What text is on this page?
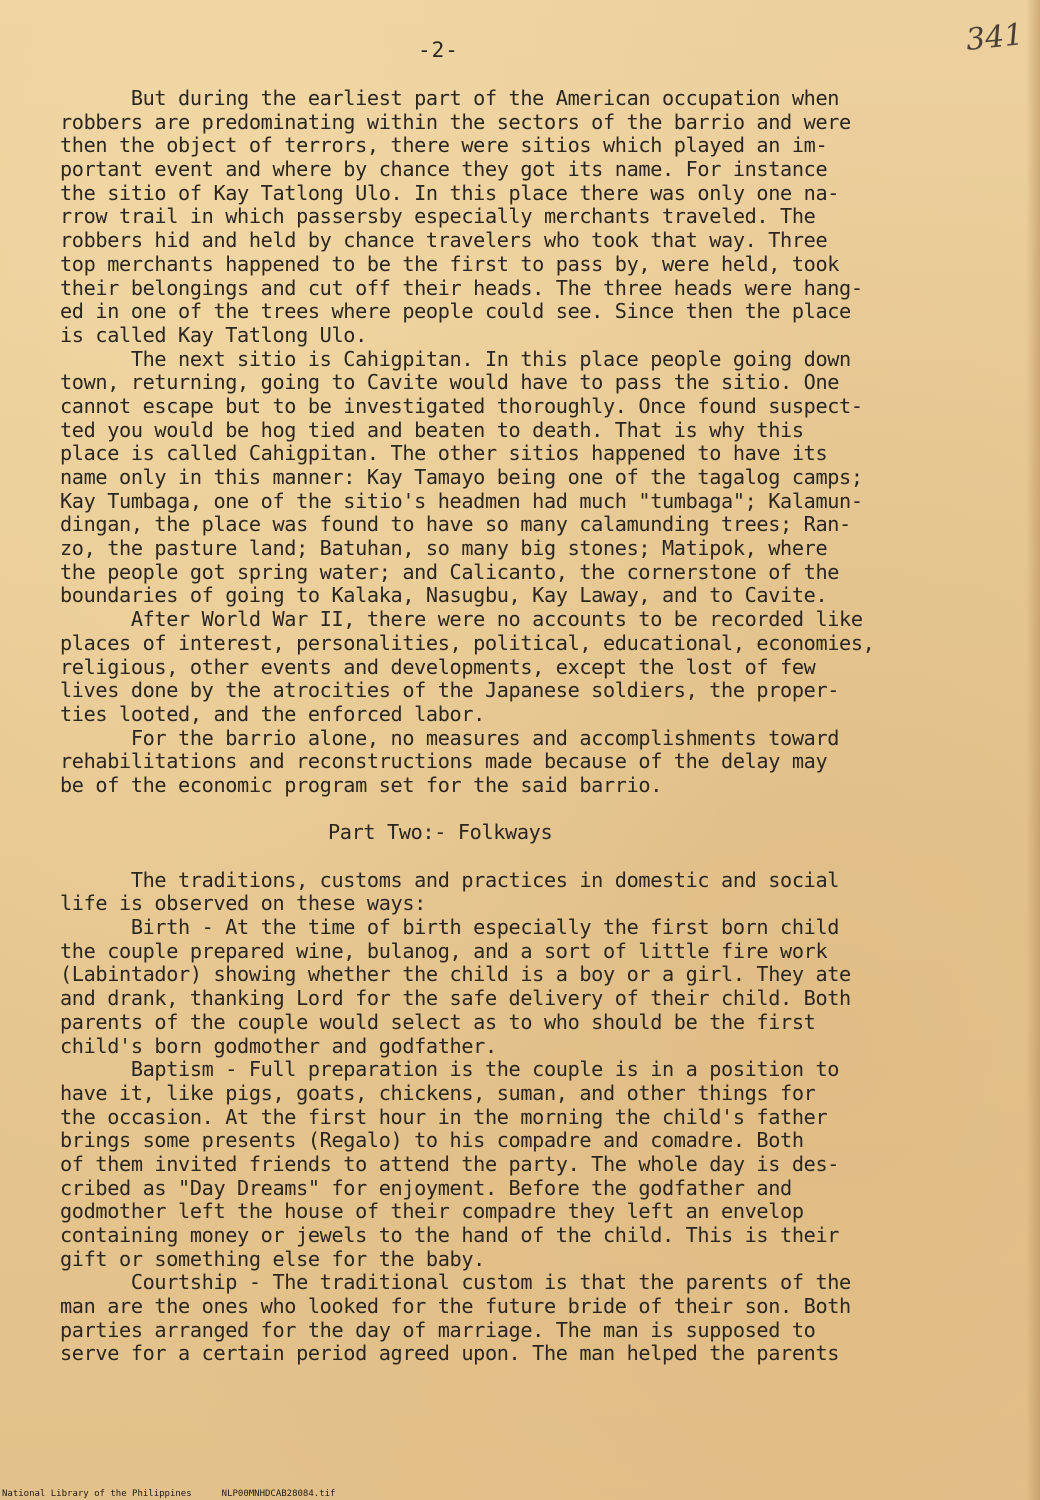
-2-	341
But during the earliest part of the American occupation when
robbers are predominating within the sectors of the barrio and were
then the object of terrors, there were sitios which played an im-
portant event and where by chance they got its name. For instance
the sitio of Kay Tatlong Ulo. In this place there was only one na-
rrow trail in which passersby especially merchants traveled. The
robbers hid and held by chance travelers who took that way. Three
top merchants happened to be the first to pass by, were held, took
their belongings and cut off their heads. The three heads were hang-
ed in one of the trees where people could see. Since then the place
is called Kay Tatlong Ulo.
The next sitio is Cahigpitan. In this place people going down
town, returning, going to Cavite would have to pass the sitio. One
cannot escape but to be investigated thoroughly. Once found suspect-
ted you would be hog tied and beaten to death. That is why this
place is called Cahigpitan. The other sitios happened to have its
name only in this manner: Kay Tamayo being one of the tagalog camps;
Kay Tumbaga, one of the sitio's headmen had much "tumbaga"; Kalamun-
dingan, the place was found to have so many calamunding trees; Ran-
zo, the pasture land; Batuhan, so many big stones; Matipok, where
the people got spring water; and Calicanto, the cornerstone of the
boundaries of going to Kalaka, Nasugbu, Kay Laway, and to Cavite.
After World War II, there were no accounts to be recorded like
places of interest, personalities, political, educational, economies,
religious, other events and developments, except the lost of few
lives done by the atrocities of the Japanese soldiers, the proper-
ties looted, and the enforced labor.
For the barrio alone, no measures and accomplishments toward
rehabilitations and reconstructions made because of the delay may
be of the economic program set for the said barrio.
Part Two:- Folkways
The traditions, customs and practices in domestic and social
life is observed on these ways:
Birth - At the time of birth especially the first born child
the couple prepared wine, bulanog, and a sort of little fire work
(Labintador) showing whether the child is a boy or a girl. They ate
and drank, thanking Lord for the safe delivery of their child. Both
parents of the couple would select as to who should be the first
child's born godmother and godfather.
Baptism - Full preparation is the couple is in a position to
have it, like pigs, goats, chickens, suman, and other things for
the occasion. At the first hour in the morning the child's father
brings some presents (Regalo) to his compadre and comadre. Both
of them invited friends to attend the party. The whole day is des-
cribed as "Day Dreams" for enjoyment. Before the godfather and
godmother left the house of their compadre they left an envelop
containing money or jewels to the hand of the child. This is their
gift or something else for the baby.
Courtship - The traditional custom is that the parents of the
man are the ones who looked for the future bride of their son. Both
parties arranged for the day of marriage. The man is supposed to
serve for a certain period agreed upon. The man helped the parents
National Library of the Philippines	NLP00MNHDCAB28084.tif
